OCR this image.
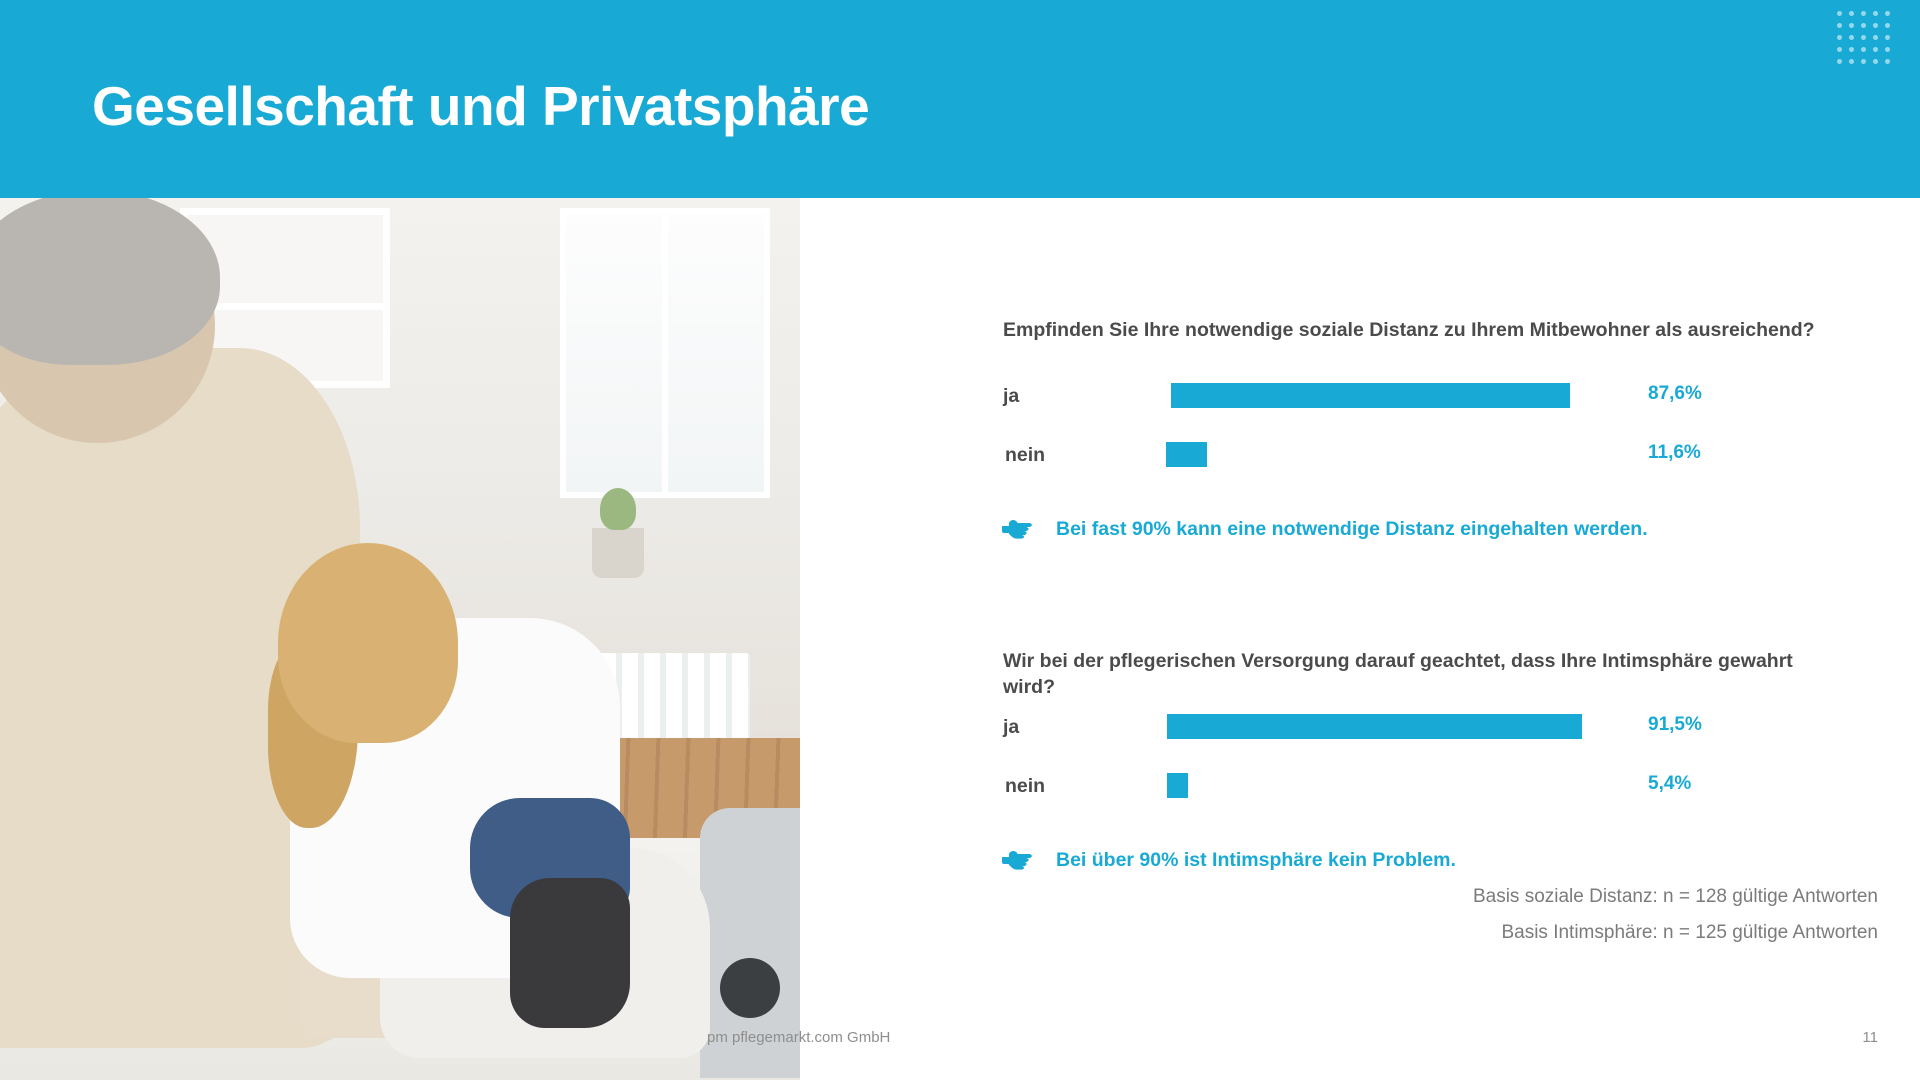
Gesellschaft und Privatsphäre
Empfinden Sie Ihre notwendige soziale Distanz zu Ihrem Mitbewohner als ausreichend?
ja	87,6%
nein	11,6%
Bei fast 90% kann eine notwendige Distanz eingehalten werden.
Wir bei der pflegerischen Versorgung darauf geachtet, dass Ihre Intimsphäre gewahrt wird?
ja	91,5%
nein	5,4%
Bei über 90% ist Intimsphäre kein Problem.
Basis soziale Distanz: n = 128 gültige Antworten
Basis Intimsphäre: n = 125 gültige Antworten
pm pflegemarkt.com GmbH	11
